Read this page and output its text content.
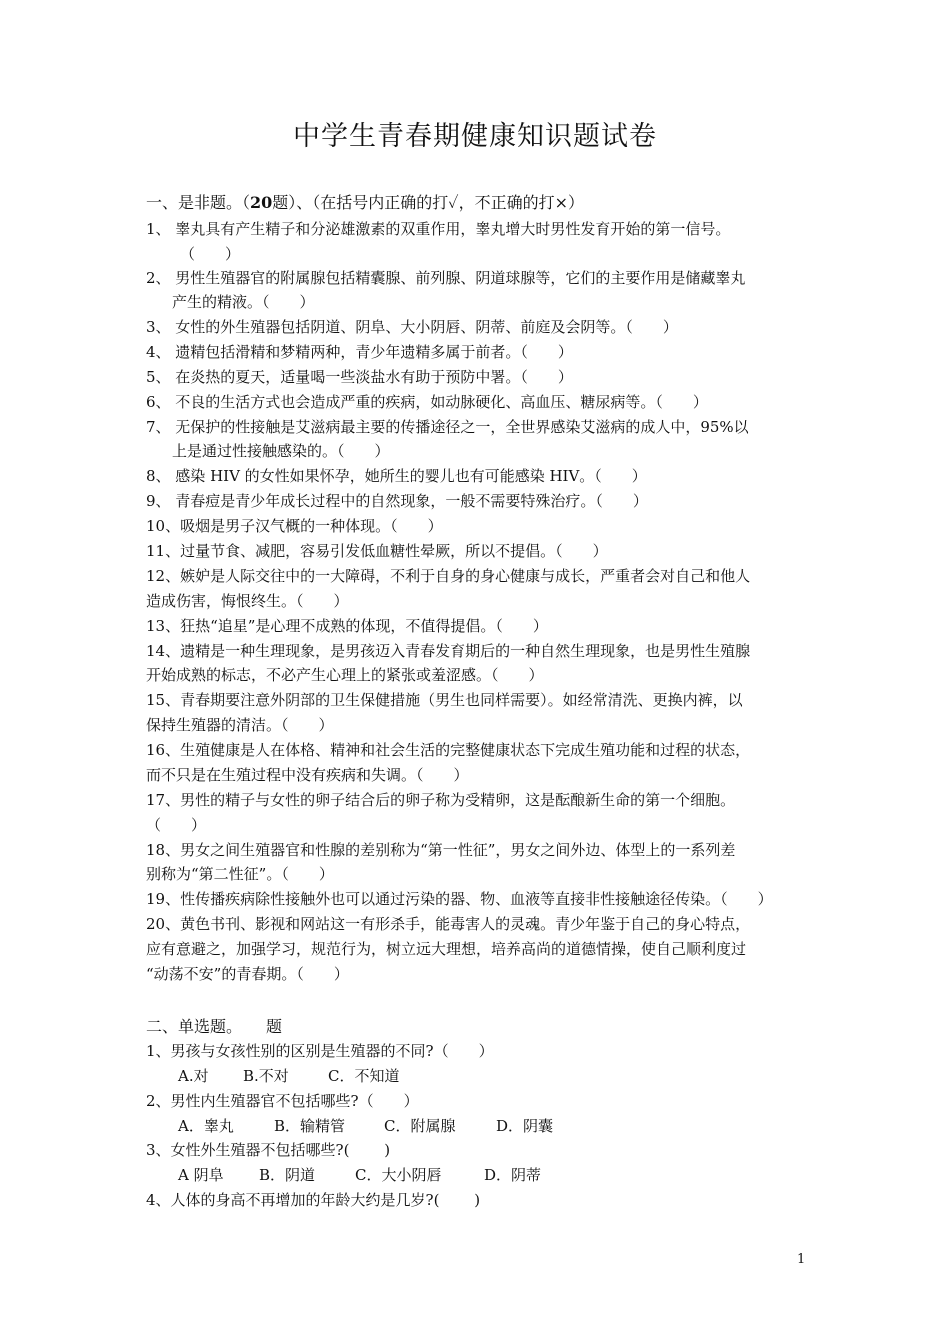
中学生青春期健康知识题试卷
一、是非题。（20题）、（在括号内正确的打✓，不正确的打×）
1、 睾丸具有产生精子和分泌雄激素的双重作用，睾丸增大时男性发育开始的第一信号。
（　　）
2、 男性生殖器官的附属腺包括精囊腺、前列腺、阴道球腺等，它们的主要作用是储藏睾丸
产生的精液。（　　）
3、 女性的外生殖器包括阴道、阴阜、大小阴唇、阴蒂、前庭及会阴等。（　　）
4、 遗精包括滑精和梦精两种，青少年遗精多属于前者。（　　）
5、 在炎热的夏天，适量喝一些淡盐水有助于预防中署。（　　）
6、 不良的生活方式也会造成严重的疾病，如动脉硬化、高血压、糖尿病等。（　　）
7、 无保护的性接触是艾滋病最主要的传播途径之一，全世界感染艾滋病的成人中，95%以
上是通过性接触感染的。（　　）
8、 感染 HIV 的女性如果怀孕，她所生的婴儿也有可能感染 HIV。（　　）
9、 青春痘是青少年成长过程中的自然现象，一般不需要特殊治疗。（　　）
10、吸烟是男子汉气概的一种体现。（　　）
11、过量节食、减肥，容易引发低血糖性晕厥，所以不提倡。（　　）
12、嫉妒是人际交往中的一大障碍，不利于自身的身心健康与成长，严重者会对自己和他人
造成伤害，悔恨终生。（　　）
13、狂热“追星”是心理不成熟的体现，不值得提倡。（　　）
14、遗精是一种生理现象，是男孩迈入青春发育期后的一种自然生理现象，也是男性生殖腺
开始成熟的标志，不必产生心理上的紧张或羞涩感。（　　）
15、青春期要注意外阴部的卫生保健措施（男生也同样需要）。如经常清洗、更换内裤，以
保持生殖器的清洁。（　　）
16、生殖健康是人在体格、精神和社会生活的完整健康状态下完成生殖功能和过程的状态，
而不只是在生殖过程中没有疾病和失调。（　　）
17、男性的精子与女性的卵子结合后的卵子称为受精卵，这是酝酿新生命的第一个细胞。
（　　）
18、男女之间生殖器官和性腺的差别称为“第一性征”，男女之间外边、体型上的一系列差
别称为“第二性征”。（　　）
19、性传播疾病除性接触外也可以通过污染的器、物、血液等直接非性接触途径传染。（　　）
20、黄色书刊、影视和网站这一有形杀手，能毒害人的灵魂。青少年鉴于自己的身心特点，
应有意避之，加强学习，规范行为，树立远大理想，培养高尚的道德情操，使自己顺利度过
“动荡不安”的青春期。（　　）
二、单选题。　　题
1、男孩与女孩性别的区别是生殖器的不同?（　　）
A.对 B.不对	C．不知道
2、男性内生殖器官不包括哪些?（　　）
A．睾丸	B．输精管	C．附属腺	D．阴囊
3、女性外生殖器不包括哪些?(　　 )
A 阴阜 B．阴道	C．大小阴唇	D．阴蒂
4、人体的身高不再增加的年龄大约是几岁?(　　 )
1
